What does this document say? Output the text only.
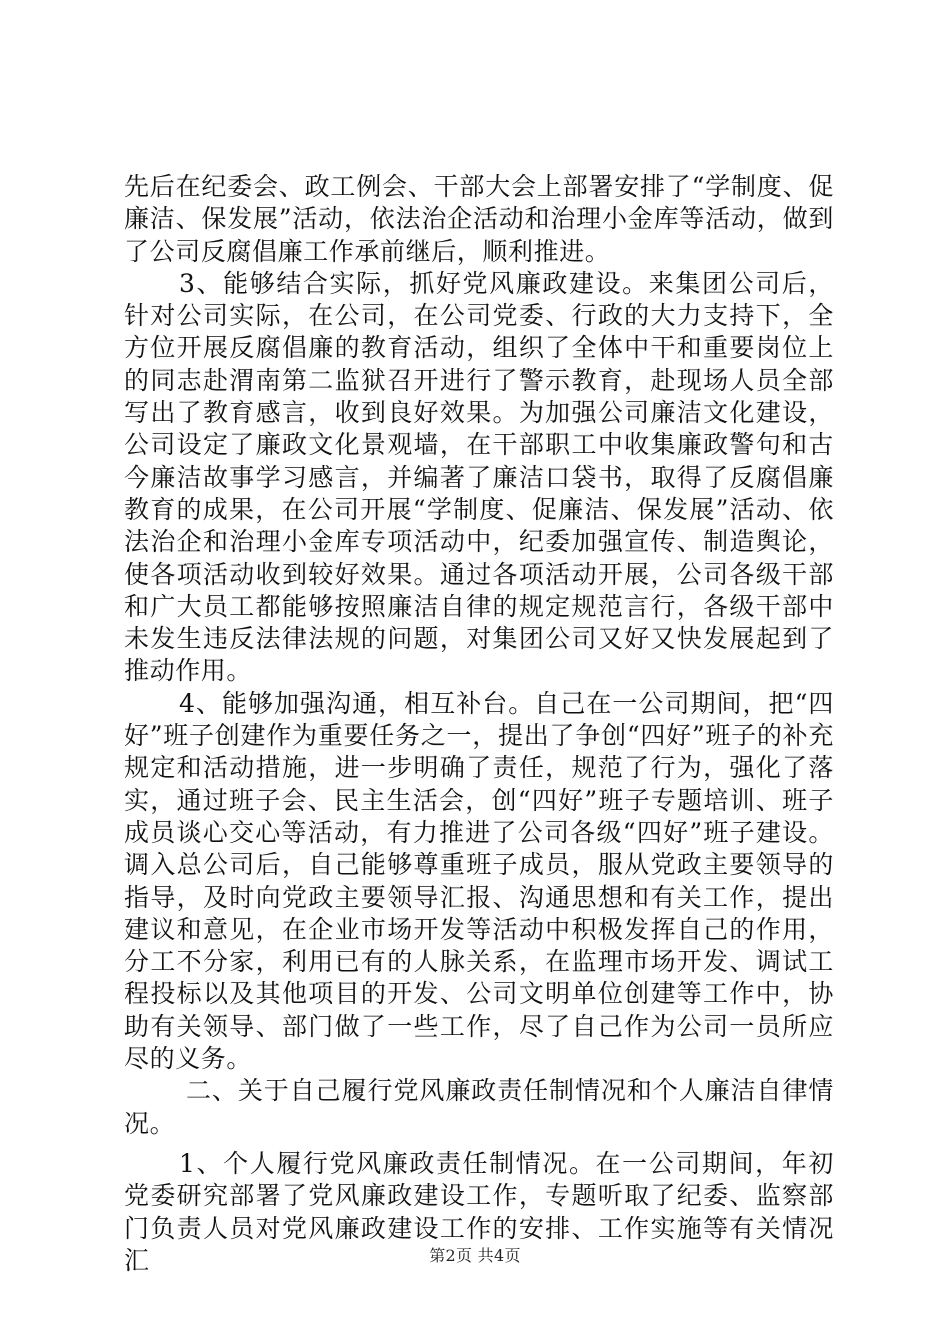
先后在纪委会、政工例会、干部大会上部署安排了“学制度、促廉洁、保发展”活动，依法治企活动和治理小金库等活动，做到了公司反腐倡廉工作承前继后，顺利推进。

3、能够结合实际，抓好党风廉政建设。来集团公司后，针对公司实际，在公司，在公司党委、行政的大力支持下，全方位开展反腐倡廉的教育活动，组织了全体中干和重要岗位上的同志赴渭南第二监狱召开进行了警示教育，赴现场人员全部写出了教育感言，收到良好效果。为加强公司廉洁文化建设，公司设定了廉政文化景观墙，在干部职工中收集廉政警句和古今廉洁故事学习感言，并编著了廉洁口袋书，取得了反腐倡廉教育的成果，在公司开展“学制度、促廉洁、保发展”活动、依法治企和治理小金库专项活动中，纪委加强宣传、制造舆论，使各项活动收到较好效果。通过各项活动开展，公司各级干部和广大员工都能够按照廉洁自律的规定规范言行，各级干部中未发生违反法律法规的问题，对集团公司又好又快发展起到了推动作用。

4、能够加强沟通，相互补台。自己在一公司期间，把“四好”班子创建作为重要任务之一，提出了争创“四好”班子的补充规定和活动措施，进一步明确了责任，规范了行为，强化了落实，通过班子会、民主生活会，创“四好”班子专题培训、班子成员谈心交心等活动，有力推进了公司各级“四好”班子建设。调入总公司后，自己能够尊重班子成员，服从党政主要领导的指导，及时向党政主要领导汇报、沟通思想和有关工作，提出建议和意见，在企业市场开发等活动中积极发挥自己的作用，分工不分家，利用已有的人脉关系，在监理市场开发、调试工程投标以及其他项目的开发、公司文明单位创建等工作中，协助有关领导、部门做了一些工作，尽了自己作为公司一员所应尽的义务。

二、关于自己履行党风廉政责任制情况和个人廉洁自律情况。

1、个人履行党风廉政责任制情况。在一公司期间，年初党委研究部署了党风廉政建设工作，专题听取了纪委、监察部门负责人员对党风廉政建设工作的安排、工作实施等有关情况汇	第2页 共4页
